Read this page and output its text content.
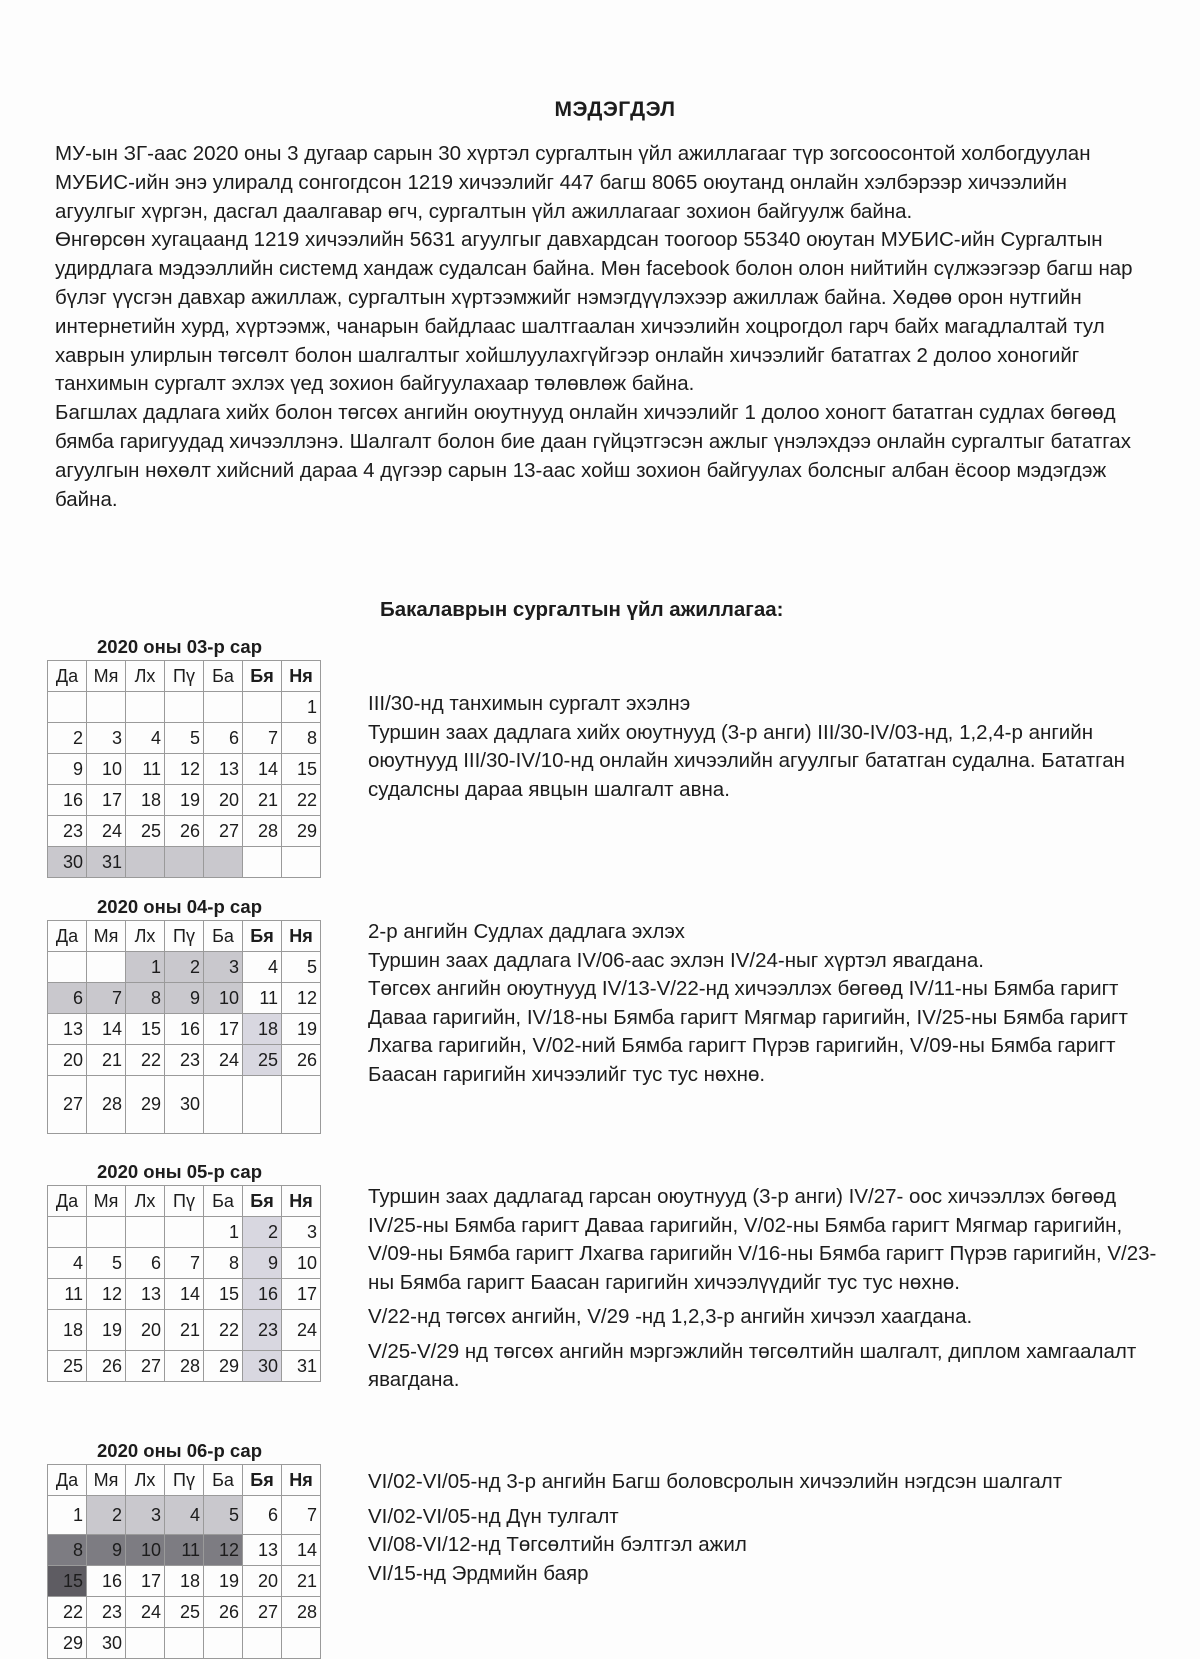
МЭДЭГДЭЛ

МУ-ын ЗГ-аас 2020 оны 3 дугаар сарын 30 хүртэл сургалтын үйл ажиллагааг түр зогсоосонтой холбогдуулан МУБИС-ийн энэ улиралд сонгогдсон 1219 хичээлийг 447 багш 8065 оюутанд онлайн хэлбэрээр хичээлийн агуулгыг хүргэн, дасгал даалгавар өгч, сургалтын үйл ажиллагааг зохион байгуулж байна.

Өнгөрсөн хугацаанд 1219 хичээлийн 5631 агуулгыг давхардсан тоогоор 55340 оюутан МУБИС-ийн Сургалтын удирдлага мэдээллийн системд хандаж судалсан байна. Мөн facebook болон олон нийтийн сүлжээгээр багш нар бүлэг үүсгэн давхар ажиллаж, сургалтын хүртээмжийг нэмэгдүүлэхээр ажиллаж байна. Хөдөө орон нутгийн интернетийн хурд, хүртээмж, чанарын байдлаас шалтгаалан хичээлийн хоцрогдол гарч байх магадлалтай тул хаврын улирлын төгсөлт болон шалгалтыг хойшлуулахгүйгээр онлайн хичээлийг бататгах 2 долоо хоногийг танхимын сургалт эхлэх үед зохион байгуулахаар төлөвлөж байна.

Багшлах дадлага хийх болон төгсөх ангийн оюутнууд онлайн хичээлийг 1 долоо хоногт бататган судлах бөгөөд бямба гаригуудад хичээллэнэ. Шалгалт болон бие даан гүйцэтгэсэн ажлыг үнэлэхдээ онлайн сургалтыг бататгах агуулгын нөхөлт хийсний дараа 4 дүгээр сарын 13-аас хойш зохион байгуулах болсныг албан ёсоор мэдэгдэж байна.

Бакалаврын сургалтын үйл ажиллагаа:
2020 оны 03-р сар
Да	Мя	Лх	Пү	Ба	Бя	Ня
						1
2	3	4	5	6	7	8
9	10	11	12	13	14	15
16	17	18	19	20	21	22
23	24	25	26	27	28	29
30	31					

III/30-нд танхимын сургалт эхэлнэ

Туршин заах дадлага хийх оюутнууд (3-р анги) III/30-IV/03-нд, 1,2,4-р ангийн оюутнууд III/30-IV/10-нд онлайн хичээлийн агуулгыг бататган судална. Бататган судалсны дараа явцын шалгалт авна.

2020 оны 04-р сар
Да	Мя	Лх	Пү	Ба	Бя	Ня
		1	2	3	4	5
6	7	8	9	10	11	12
13	14	15	16	17	18	19
20	21	22	23	24	25	26
27	28	29	30			

2-р ангийн Судлах дадлага эхлэх

Туршин заах дадлага IV/06-аас эхлэн IV/24-ныг хүртэл явагдана.

Төгсөх ангийн оюутнууд IV/13-V/22-нд хичээллэх бөгөөд IV/11-ны Бямба гаригт Даваа гаригийн, IV/18-ны Бямба гаригт Мягмар гаригийн, IV/25-ны Бямба гаригт Лхагва гаригийн, V/02-ний Бямба гаригт Пүрэв гаригийн, V/09-ны Бямба гаригт Баасан гаригийн хичээлийг тус тус нөхнө.

2020 оны 05-р сар
Да	Мя	Лх	Пү	Ба	Бя	Ня
				1	2	3
4	5	6	7	8	9	10
11	12	13	14	15	16	17
18	19	20	21	22	23	24
25	26	27	28	29	30	31

Туршин заах дадлагад гарсан оюутнууд (3-р анги) IV/27- оос хичээллэх бөгөөд IV/25-ны Бямба гаригт Даваа гаригийн, V/02-ны Бямба гаригт Мягмар гаригийн, V/09-ны Бямба гаригт Лхагва гаригийн V/16-ны Бямба гаригт Пүрэв гаригийн, V/23-ны Бямба гаригт Баасан гаригийн хичээлүүдийг тус тус нөхнө.

V/22-нд төгсөх ангийн, V/29 -нд 1,2,3-р ангийн хичээл хаагдана.

V/25-V/29 нд төгсөх ангийн мэргэжлийн төгсөлтийн шалгалт, диплом хамгаалалт явагдана.

2020 оны 06-р сар
Да	Мя	Лх	Пү	Ба	Бя	Ня
1	2	3	4	5	6	7
8	9	10	11	12	13	14
15	16	17	18	19	20	21
22	23	24	25	26	27	28
29	30					

VI/02-VI/05-нд 3-р ангийн Багш боловсролын хичээлийн нэгдсэн шалгалт

VI/02-VI/05-нд Дүн тулгалт

VI/08-VI/12-нд Төгсөлтийн бэлтгэл ажил

VI/15-нд Эрдмийн баяр
